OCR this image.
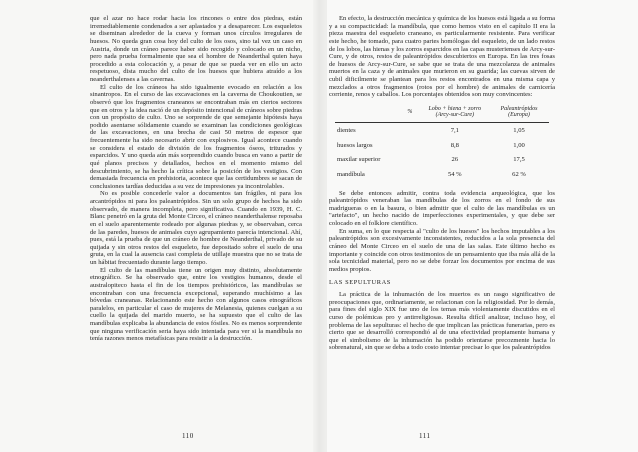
que el azar no hace rodar hacia los rincones o entre dos piedras, están irremediablemente condenados a ser aplastados y a desaparecer. Los esqueletos se diseminan alrededor de la cueva y forman unos círculos irregulares de huesos. No queda gran cosa hoy del culto de los osos, sino tal vez un caso en Austria, donde un cráneo parece haber sido recogido y colocado en un nicho, pero nada prueba formalmente que sea el hombre de Neanderthal quien haya procedido a esta colocación y, a pesar de que se pueda ver en ello un acto respetuoso, dista mucho del culto de los huesos que hubiera atraído a los neanderthalenses a las cavernas.

El culto de los cráneos ha sido igualmente evocado en relación a los sinantropos. En el curso de las excavaciones en la caverna de Choukoutien, se observó que los fragmentos craneanos se encontraban más en ciertos sectores que en otros y la idea nació de un depósito intencional de cráneos sobre piedras con un propósito de culto. Uno se sorprende de que semejante hipótesis haya podido asentarse sólidamente cuando se examinan las condiciones geológicas de las excavaciones, en una brecha de casi 50 metros de espesor que frecuentemente ha sido necesario abrir con explosivos. Igual acontece cuando se considera el estado de división de los fragmentos óseos, triturados y esparcidos. Y uno queda aún más sorprendido cuando busca en vano a partir de qué planos precisos y detallados, hechos en el momento mismo del descubrimiento, se ha hecho la crítica sobre la posición de los vestigios. Con demasiada frecuencia en prehistoria, acontece que las certidumbres se sacan de conclusiones tardías deducidas a su vez de impresiones ya incontrolables.

No es posible concederle valor a documentos tan frágiles, ni para los arcantrópidos ni para los paleantrópidos. Sin un solo grupo de hechos ha sido observado, de manera incompleta, pero significativa. Cuando en 1939, H. C. Blanc penetró en la gruta del Monte Circeo, el cráneo neanderthalense reposaba en el suelo aparentemente rodeado por algunas piedras y, se observaban, cerca de las paredes, huesos de animales cuyo agrupamiento parecía intencional. Ahí, pues, está la prueba de que un cráneo de hombre de Neanderthal, privado de su quijada y sin otros restos del esqueleto, fue depositado sobre el suelo de una gruta, en la cual la ausencia casi completa de utillaje muestra que no se trata de un hábitat frecuentado durante largo tiempo.

El culto de las mandíbulas tiene un origen muy distinto, absolutamente etnográfico. Se ha observado que, entre los vestigios humanos, desde el australopiteco hasta el fin de los tiempos prehistóricos, las mandíbulas se encontraban con una frecuencia excepcional, superando muchísimo a las bóvedas craneanas. Relacionando este hecho con algunos casos etnográficos paralelos, en particular el caso de mujeres de Melanesia, quienes cuelgan a su cuello la quijada del marido muerto, se ha supuesto que el culto de las mandíbulas explicaba la abundancia de estos fósiles. No es menos sorprendente que ninguna verificación seria haya sido intentada para ver si la mandíbula no tenía razones menos metafísicas para resistir a la destrucción.

110

En efecto, la destrucción mecánica y química de los huesos está ligada a su forma y a su compacticidad: la mandíbula, que como hemos visto en el capítulo II era la pieza maestra del esqueleto craneano, es particularmente resistente. Para verificar este hecho, he tomado, para cuatro partes homólogas del esqueleto, de un lado restos de los lobos, las hienas y los zorros esparcidos en las capas musterienses de Arcy-sur-Cure, y de otros, restos de paleantrópidos descubiertos en Europa. En las tres fosas de huesos de Arcy-sur-Cure, se sabe que se trata de una mezcolanza de animales muertos en la caza y de animales que murieron en su guarida; las cuevas sirven de cubil dificilmente se plantean para los restos encontrados en una misma capa y mezclados a otros fragmentos (rotos por el hombre) de animales de carnicería corriente, renos y caballos. Los porcentajes obtenidos son muy convincentes:

	%	Lobo + hiena + zorro (Arcy-sur-Cure)	Paleantrópidos (Europa)
dientes		7,1	1,05
huesos largos		8,8	1,00
maxilar superior		26	17,5
mandíbula		54 %	62 %

Se debe entonces admitir, contra toda evidencia arqueológica, que los paleantrópidos veneraban las mandíbulas de los zorros en el fondo de sus madrigueras o en la basura, o bien admitir que el culto de las mandíbulas es un "artefacto", un hecho nacido de imperfecciones experimentales, y que debe ser colocado en el folklore científico.

En suma, en lo que respecta al "culto de los huesos" los hechos imputables a los paleantrópidos son excesivamente inconsistentes, reducidos a la sola presencia del cráneo del Monte Circeo en el suelo de una de las salas. Este último hecho es importante y coincide con otros testimonios de un pensamiento que iba más allá de la sola tecnicidad material, pero no se debe forzar los documentos por encima de sus medios propios.

LAS SEPULTURAS

La práctica de la inhumación de los muertos es un rasgo significativo de preocupaciones que, ordinariamente, se relacionan con la religiosidad. Por lo demás, para fines del siglo XIX fue uno de los temas más violentamente discutidos en el curso de polémicas pro y antirreligiosas. Resulta difícil analizar, incluso hoy, el problema de las sepulturas: el hecho de que implican las prácticas funerarias, pero es cierto que se desarrolló correspondió al de una efectividad propiamente humana y que el simbolismo de la inhumación ha podido orientarse precozmente hacia lo sobrenatural, sin que se deba a todo costo intentar precisar lo que los paleantrópidos

111
